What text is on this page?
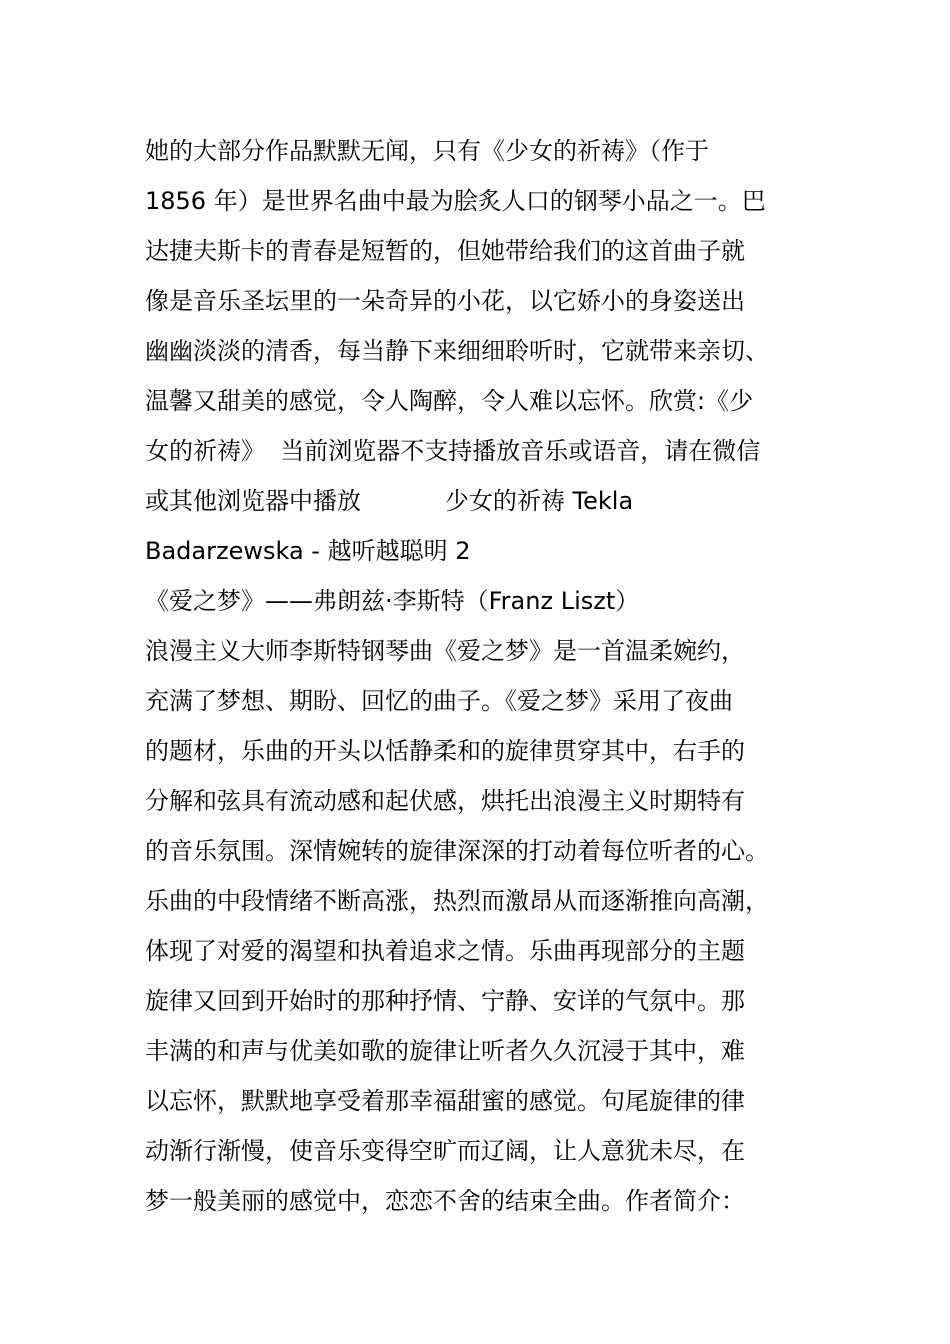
她的大部分作品默默无闻，只有《少女的祈祷》（作于
1856 年）是世界名曲中最为脍炙人口的钢琴小品之一。巴
达捷夫斯卡的青春是短暂的，但她带给我们的这首曲子就
像是音乐圣坛里的一朵奇异的小花，以它娇小的身姿送出
幽幽淡淡的清香，每当静下来细细聆听时，它就带来亲切、
温馨又甜美的感觉，令人陶醉，令人难以忘怀。欣赏:《少
女的祈祷》  当前浏览器不支持播放音乐或语音，请在微信
或其他浏览器中播放           少女的祈祷 Tekla
Badarzewska - 越听越聪明 2
《爱之梦》——弗朗兹·李斯特（Franz Liszt）
浪漫主义大师李斯特钢琴曲《爱之梦》是一首温柔婉约，
充满了梦想、期盼、回忆的曲子。《爱之梦》采用了夜曲
的题材，乐曲的开头以恬静柔和的旋律贯穿其中，右手的
分解和弦具有流动感和起伏感，烘托出浪漫主义时期特有
的音乐氛围。深情婉转的旋律深深的打动着每位听者的心。
乐曲的中段情绪不断高涨，热烈而激昂从而逐渐推向高潮，
体现了对爱的渴望和执着追求之情。乐曲再现部分的主题
旋律又回到开始时的那种抒情、宁静、安详的气氛中。那
丰满的和声与优美如歌的旋律让听者久久沉浸于其中，难
以忘怀，默默地享受着那幸福甜蜜的感觉。句尾旋律的律
动渐行渐慢，使音乐变得空旷而辽阔，让人意犹未尽，在
梦一般美丽的感觉中，恋恋不舍的结束全曲。作者简介：
